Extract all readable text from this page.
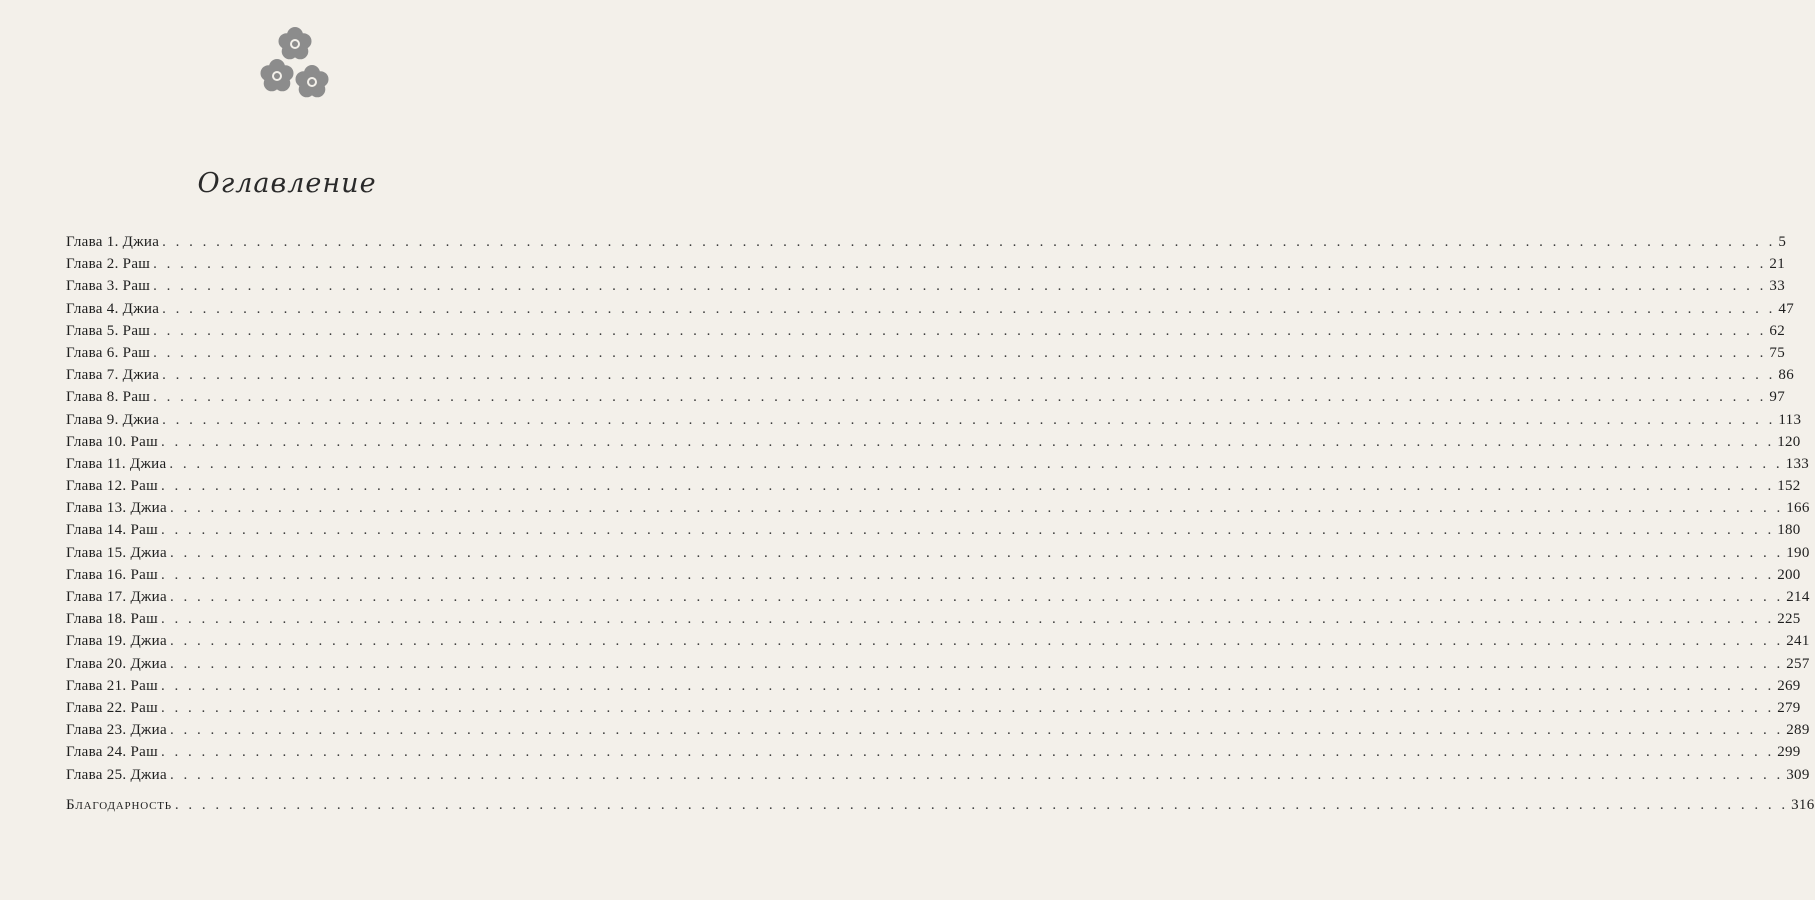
Оглавление
Глава 1. Джиа . . . . . . . . . . . . . . . . . . . . . . . . . . . . . . . . . . . . . . . . . . . . . . . . . . . . . . . . . . . . . . . . . . . . . . . . . . . . . . . . . . . . . . . . . . . . . . . . . . . . . . . . . . . . . . . . . . . . . . . . 5
Глава 2. Раш . . . . . . . . . . . . . . . . . . . . . . . . . . . . . . . . . . . . . . . . . . . . . . . . . . . . . . . . . . . . . . . . . . . . . . . . . . . . . . . . . . . . . . . . . . . . . . . . . . . . . . . . . . . . . . . . . . . . . . . . 21
Глава 3. Раш . . . . . . . . . . . . . . . . . . . . . . . . . . . . . . . . . . . . . . . . . . . . . . . . . . . . . . . . . . . . . . . . . . . . . . . . . . . . . . . . . . . . . . . . . . . . . . . . . . . . . . . . . . . . . . . . . . . . . . . . 33
Глава 4. Джиа . . . . . . . . . . . . . . . . . . . . . . . . . . . . . . . . . . . . . . . . . . . . . . . . . . . . . . . . . . . . . . . . . . . . . . . . . . . . . . . . . . . . . . . . . . . . . . . . . . . . . . . . . . . . . . . . . . . . . . . . 47
Глава 5. Раш . . . . . . . . . . . . . . . . . . . . . . . . . . . . . . . . . . . . . . . . . . . . . . . . . . . . . . . . . . . . . . . . . . . . . . . . . . . . . . . . . . . . . . . . . . . . . . . . . . . . . . . . . . . . . . . . . . . . . . . . 62
Глава 6. Раш . . . . . . . . . . . . . . . . . . . . . . . . . . . . . . . . . . . . . . . . . . . . . . . . . . . . . . . . . . . . . . . . . . . . . . . . . . . . . . . . . . . . . . . . . . . . . . . . . . . . . . . . . . . . . . . . . . . . . . . . 75
Глава 7. Джиа . . . . . . . . . . . . . . . . . . . . . . . . . . . . . . . . . . . . . . . . . . . . . . . . . . . . . . . . . . . . . . . . . . . . . . . . . . . . . . . . . . . . . . . . . . . . . . . . . . . . . . . . . . . . . . . . . . . . . . . . 86
Глава 8. Раш . . . . . . . . . . . . . . . . . . . . . . . . . . . . . . . . . . . . . . . . . . . . . . . . . . . . . . . . . . . . . . . . . . . . . . . . . . . . . . . . . . . . . . . . . . . . . . . . . . . . . . . . . . . . . . . . . . . . . . . . 97
Глава 9. Джиа . . . . . . . . . . . . . . . . . . . . . . . . . . . . . . . . . . . . . . . . . . . . . . . . . . . . . . . . . . . . . . . . . . . . . . . . . . . . . . . . . . . . . . . . . . . . . . . . . . . . . . . . . . . . . . . . . . . . . . . . 113
Глава 10. Раш . . . . . . . . . . . . . . . . . . . . . . . . . . . . . . . . . . . . . . . . . . . . . . . . . . . . . . . . . . . . . . . . . . . . . . . . . . . . . . . . . . . . . . . . . . . . . . . . . . . . . . . . . . . . . . . . . . . . . . . . 120
Глава 11. Джиа . . . . . . . . . . . . . . . . . . . . . . . . . . . . . . . . . . . . . . . . . . . . . . . . . . . . . . . . . . . . . . . . . . . . . . . . . . . . . . . . . . . . . . . . . . . . . . . . . . . . . . . . . . . . . . . . . . . . . . . . 133
Глава 12. Раш . . . . . . . . . . . . . . . . . . . . . . . . . . . . . . . . . . . . . . . . . . . . . . . . . . . . . . . . . . . . . . . . . . . . . . . . . . . . . . . . . . . . . . . . . . . . . . . . . . . . . . . . . . . . . . . . . . . . . . . . 152
Глава 13. Джиа . . . . . . . . . . . . . . . . . . . . . . . . . . . . . . . . . . . . . . . . . . . . . . . . . . . . . . . . . . . . . . . . . . . . . . . . . . . . . . . . . . . . . . . . . . . . . . . . . . . . . . . . . . . . . . . . . . . . . . . . 166
Глава 14. Раш . . . . . . . . . . . . . . . . . . . . . . . . . . . . . . . . . . . . . . . . . . . . . . . . . . . . . . . . . . . . . . . . . . . . . . . . . . . . . . . . . . . . . . . . . . . . . . . . . . . . . . . . . . . . . . . . . . . . . . . . 180
Глава 15. Джиа . . . . . . . . . . . . . . . . . . . . . . . . . . . . . . . . . . . . . . . . . . . . . . . . . . . . . . . . . . . . . . . . . . . . . . . . . . . . . . . . . . . . . . . . . . . . . . . . . . . . . . . . . . . . . . . . . . . . . . . . 190
Глава 16. Раш . . . . . . . . . . . . . . . . . . . . . . . . . . . . . . . . . . . . . . . . . . . . . . . . . . . . . . . . . . . . . . . . . . . . . . . . . . . . . . . . . . . . . . . . . . . . . . . . . . . . . . . . . . . . . . . . . . . . . . . . 200
Глава 17. Джиа . . . . . . . . . . . . . . . . . . . . . . . . . . . . . . . . . . . . . . . . . . . . . . . . . . . . . . . . . . . . . . . . . . . . . . . . . . . . . . . . . . . . . . . . . . . . . . . . . . . . . . . . . . . . . . . . . . . . . . . . 214
Глава 18. Раш . . . . . . . . . . . . . . . . . . . . . . . . . . . . . . . . . . . . . . . . . . . . . . . . . . . . . . . . . . . . . . . . . . . . . . . . . . . . . . . . . . . . . . . . . . . . . . . . . . . . . . . . . . . . . . . . . . . . . . . . 225
Глава 19. Джиа . . . . . . . . . . . . . . . . . . . . . . . . . . . . . . . . . . . . . . . . . . . . . . . . . . . . . . . . . . . . . . . . . . . . . . . . . . . . . . . . . . . . . . . . . . . . . . . . . . . . . . . . . . . . . . . . . . . . . . . . 241
Глава 20. Джиа . . . . . . . . . . . . . . . . . . . . . . . . . . . . . . . . . . . . . . . . . . . . . . . . . . . . . . . . . . . . . . . . . . . . . . . . . . . . . . . . . . . . . . . . . . . . . . . . . . . . . . . . . . . . . . . . . . . . . . . . 257
Глава 21. Раш . . . . . . . . . . . . . . . . . . . . . . . . . . . . . . . . . . . . . . . . . . . . . . . . . . . . . . . . . . . . . . . . . . . . . . . . . . . . . . . . . . . . . . . . . . . . . . . . . . . . . . . . . . . . . . . . . . . . . . . . 269
Глава 22. Раш . . . . . . . . . . . . . . . . . . . . . . . . . . . . . . . . . . . . . . . . . . . . . . . . . . . . . . . . . . . . . . . . . . . . . . . . . . . . . . . . . . . . . . . . . . . . . . . . . . . . . . . . . . . . . . . . . . . . . . . . 279
Глава 23. Джиа . . . . . . . . . . . . . . . . . . . . . . . . . . . . . . . . . . . . . . . . . . . . . . . . . . . . . . . . . . . . . . . . . . . . . . . . . . . . . . . . . . . . . . . . . . . . . . . . . . . . . . . . . . . . . . . . . . . . . . . . 289
Глава 24. Раш . . . . . . . . . . . . . . . . . . . . . . . . . . . . . . . . . . . . . . . . . . . . . . . . . . . . . . . . . . . . . . . . . . . . . . . . . . . . . . . . . . . . . . . . . . . . . . . . . . . . . . . . . . . . . . . . . . . . . . . . 299
Глава 25. Джиа . . . . . . . . . . . . . . . . . . . . . . . . . . . . . . . . . . . . . . . . . . . . . . . . . . . . . . . . . . . . . . . . . . . . . . . . . . . . . . . . . . . . . . . . . . . . . . . . . . . . . . . . . . . . . . . . . . . . . . . . 309
Благодарность . . . . . . . . . . . . . . . . . . . . . . . . . . . . . . . . . . . . . . . . . . . . . . . . . . . . . . . . . . . . . . . . . . . . . . . . . . . . . . . . . . . . . . . . . . . . . . . . . . . . . . . . . . . . . . . . . . . . . . . . 316
